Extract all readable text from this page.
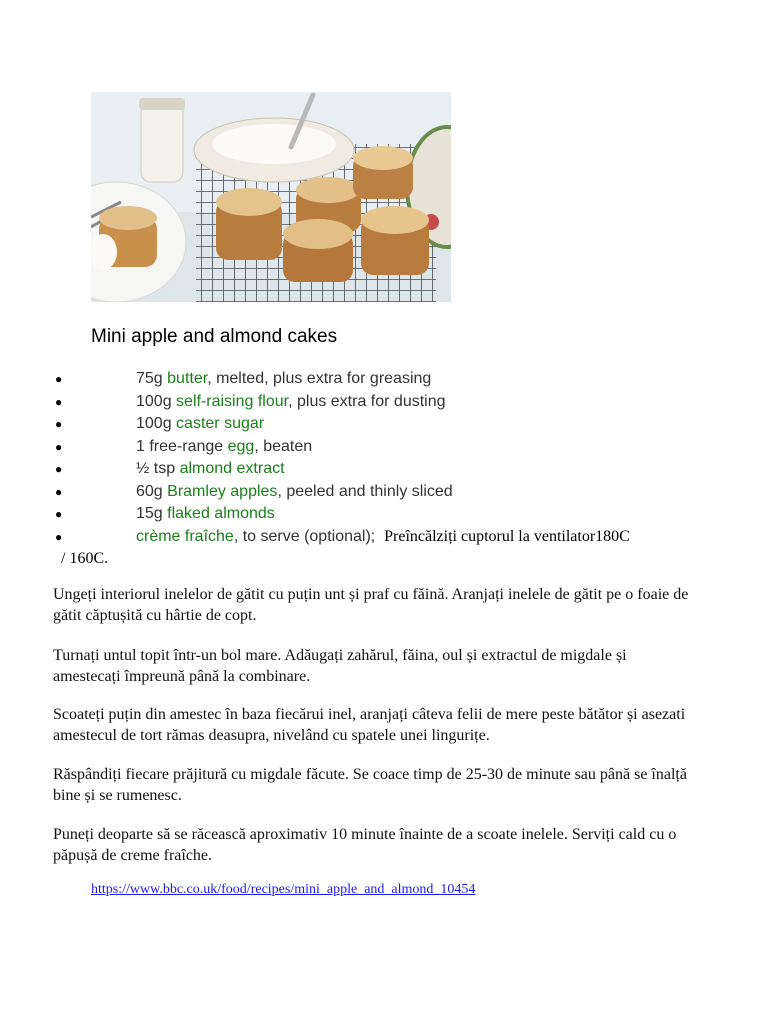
Mini apple and almond cakes
●	75g butter, melted, plus extra for greasing
●	100g self-raising flour, plus extra for dusting
●	100g caster sugar
●	1 free-range egg, beaten
●	½ tsp almond extract
●	60g Bramley apples, peeled and thinly sliced
●	15g flaked almonds
●	crème fraîche, to serve (optional); Preîncălziți cuptorul la ventilator180C
/ 160C.

Ungeți interiorul inelelor de gătit cu puțin unt și praf cu făină. Aranjați inelele de gătit pe o foaie de gătit căptușită cu hârtie de copt.

Turnați untul topit într-un bol mare. Adăugați zahărul, făina, oul și extractul de migdale și amestecați împreună până la combinare.

Scoateți puțin din amestec în baza fiecărui inel, aranjați câteva felii de mere peste bătător și asezati amestecul de tort rămas deasupra, nivelând cu spatele unei lingurițe.

Răspândiți fiecare prăjitură cu migdale făcute. Se coace timp de 25-30 de minute sau până se înalță bine și se rumenesc.

Puneți deoparte să se răcească aproximativ 10 minute înainte de a scoate inelele. Serviți cald cu o păpușă de creme fraîche.

https://www.bbc.co.uk/food/recipes/mini_apple_and_almond_10454
